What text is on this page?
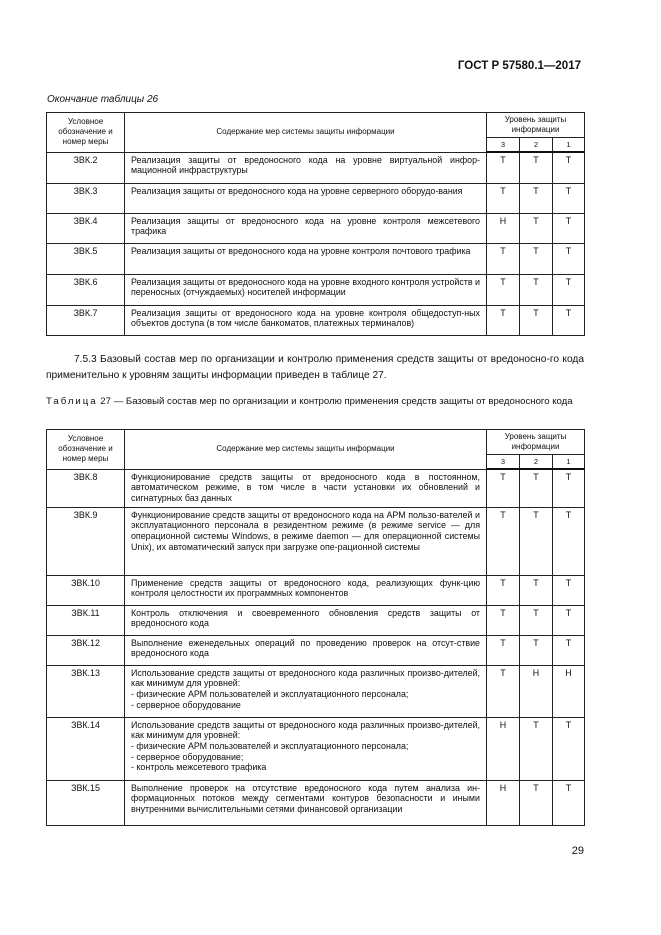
ГОСТ Р 57580.1—2017
Окончание таблицы 26
Условное обозначение и номер меры	Содержание мер системы защиты информации	Уровень защиты информации		
		3	2	1
ЗВК.2	Реализация защиты от вредоносного кода на уровне виртуальной инфор-мационной инфраструктуры	Т	Т	Т
ЗВК.3	Реализация защиты от вредоносного кода на уровне серверного оборудо-вания	Т	Т	Т
ЗВК.4	Реализация защиты от вредоносного кода на уровне контроля межсетевого трафика	Н	Т	Т
ЗВК.5	Реализация защиты от вредоносного кода на уровне контроля почтового трафика	Т	Т	Т
ЗВК.6	Реализация защиты от вредоносного кода на уровне входного контроля устройств и переносных (отчуждаемых) носителей информации	Т	Т	Т
ЗВК.7	Реализация защиты от вредоносного кода на уровне контроля общедоступ-ных объектов доступа (в том числе банкоматов, платежных терминалов)	Т	Т	Т
7.5.3 Базовый состав мер по организации и контролю применения средств защиты от вредоносно-го кода применительно к уровням защиты информации приведен в таблице 27.
Таблица 27 — Базовый состав мер по организации и контролю применения средств защиты от вредоносного кода
Условное обозначение и номер меры	Содержание мер системы защиты информации	Уровень защиты информации		
		3	2	1
ЗВК.8	Функционирование средств защиты от вредоносного кода в постоянном, автоматическом режиме, в том числе в части установки их обновлений и сигнатурных баз данных	Т	Т	Т
ЗВК.9	Функционирование средств защиты от вредоносного кода на АРМ пользо-вателей и эксплуатационного персонала в резидентном режиме (в режиме service — для операционной системы Windows, в режиме daemon — для операционной системы Unix), их автоматический запуск при загрузке опе-рационной системы	Т	Т	Т
ЗВК.10	Применение средств защиты от вредоносного кода, реализующих функ-цию контроля целостности их программных компонентов	Т	Т	Т
ЗВК.11	Контроль отключения и своевременного обновления средств защиты от вредоносного кода	Т	Т	Т
ЗВК.12	Выполнение еженедельных операций по проведению проверок на отсут-ствие вредоносного кода	Т	Т	Т
ЗВК.13	Использование средств защиты от вредоносного кода различных произво-дителей, как минимум для уровней:
- физические АРМ пользователей и эксплуатационного персонала;
- серверное оборудование	Т	Н	Н
ЗВК.14	Использование средств защиты от вредоносного кода различных произво-дителей, как минимум для уровней:
- физические АРМ пользователей и эксплуатационного персонала;
- серверное оборудование;
- контроль межсетевого трафика	Н	Т	Т
ЗВК.15	Выполнение проверок на отсутствие вредоносного кода путем анализа ин-формационных потоков между сегментами контуров безопасности и иными внутренними вычислительными сетями финансовой организации	Н	Т	Т
29
